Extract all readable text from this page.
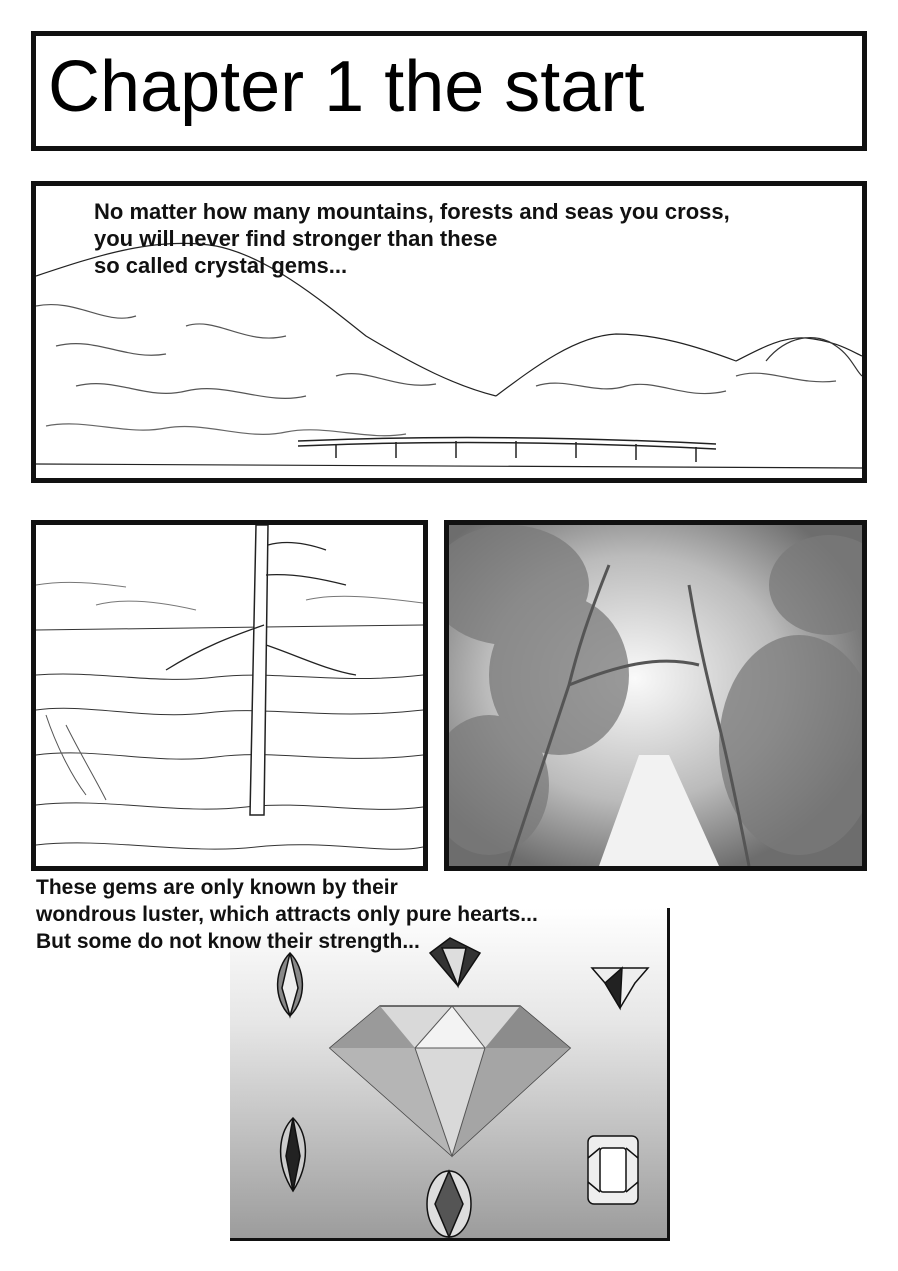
Chapter 1 the start
No matter how many mountains, forests and seas you cross,
you will never find stronger than these
so called crystal gems...
These gems are only known by their
wondrous luster, which attracts only pure hearts...
But some do not know their strength...
